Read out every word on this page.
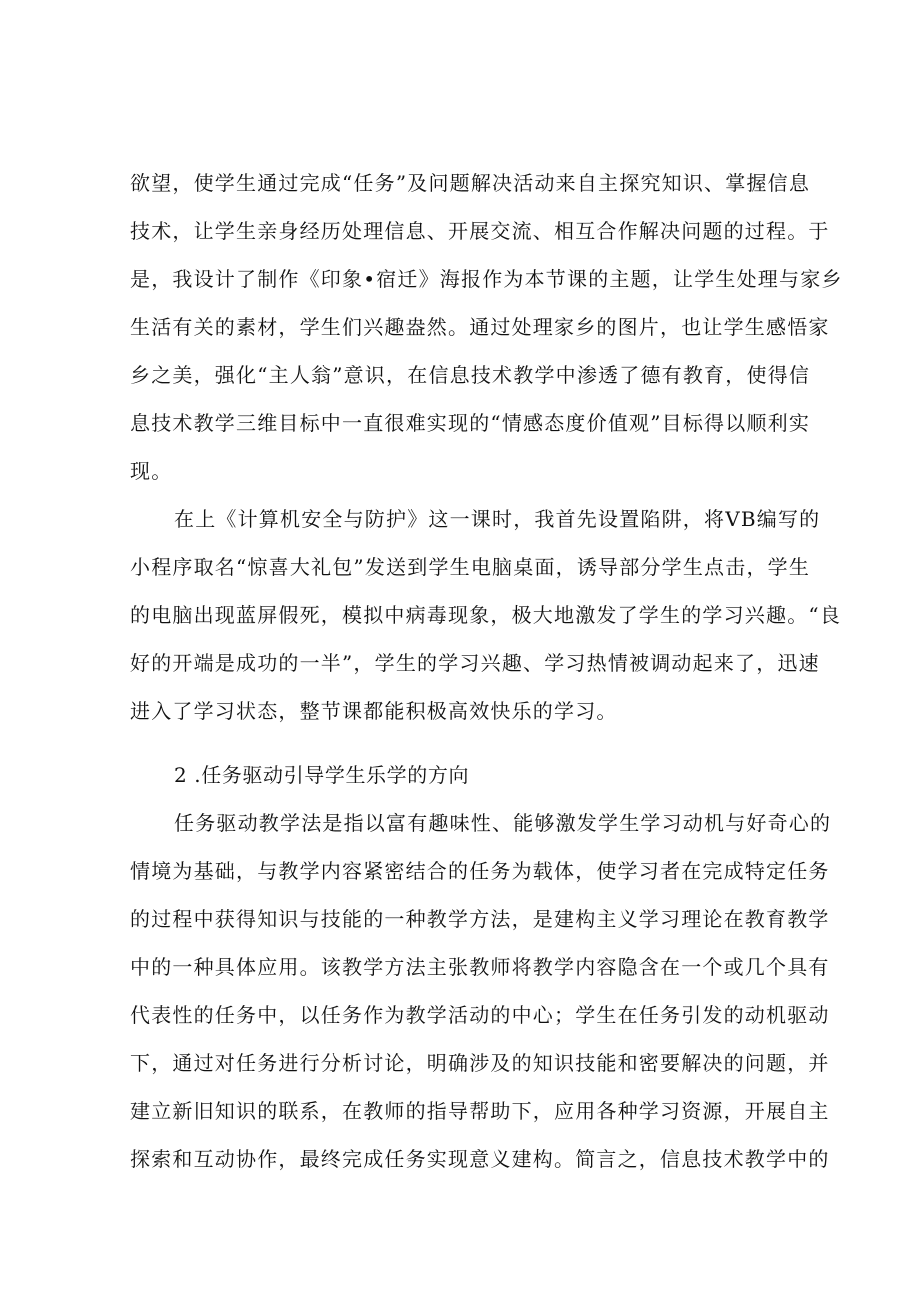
欲望，使学生通过完成“任务”及问题解决活动来自主探究知识、掌握信息

技术，让学生亲身经历处理信息、开展交流、相互合作解决问题的过程。于

是，我设计了制作《印象•宿迁》海报作为本节课的主题，让学生处理与家乡

生活有关的素材，学生们兴趣盎然。通过处理家乡的图片，也让学生感悟家

乡之美，强化“主人翁”意识，在信息技术教学中渗透了德有教育，使得信

息技术教学三维目标中一直很难实现的“情感态度价值观”目标得以顺利实

现。

在上《计算机安全与防护》这一课时，我首先设置陷阱，将VB编写的

小程序取名“惊喜大礼包”发送到学生电脑桌面，诱导部分学生点击，学生

的电脑出现蓝屏假死，模拟中病毒现象，极大地激发了学生的学习兴趣。“良

好的开端是成功的一半”，学生的学习兴趣、学习热情被调动起来了，迅速

进入了学习状态，整节课都能积极高效快乐的学习。

2 .任务驱动引导学生乐学的方向

任务驱动教学法是指以富有趣味性、能够激发学生学习动机与好奇心的

情境为基础，与教学内容紧密结合的任务为载体，使学习者在完成特定任务

的过程中获得知识与技能的一种教学方法，是建构主义学习理论在教育教学

中的一种具体应用。该教学方法主张教师将教学内容隐含在一个或几个具有

代表性的任务中，以任务作为教学活动的中心；学生在任务引发的动机驱动

下，通过对任务进行分析讨论，明确涉及的知识技能和密要解决的问题，并

建立新旧知识的联系，在教师的指导帮助下，应用各种学习资源，开展自主

探索和互动协作，最终完成任务实现意义建构。简言之，信息技术教学中的
